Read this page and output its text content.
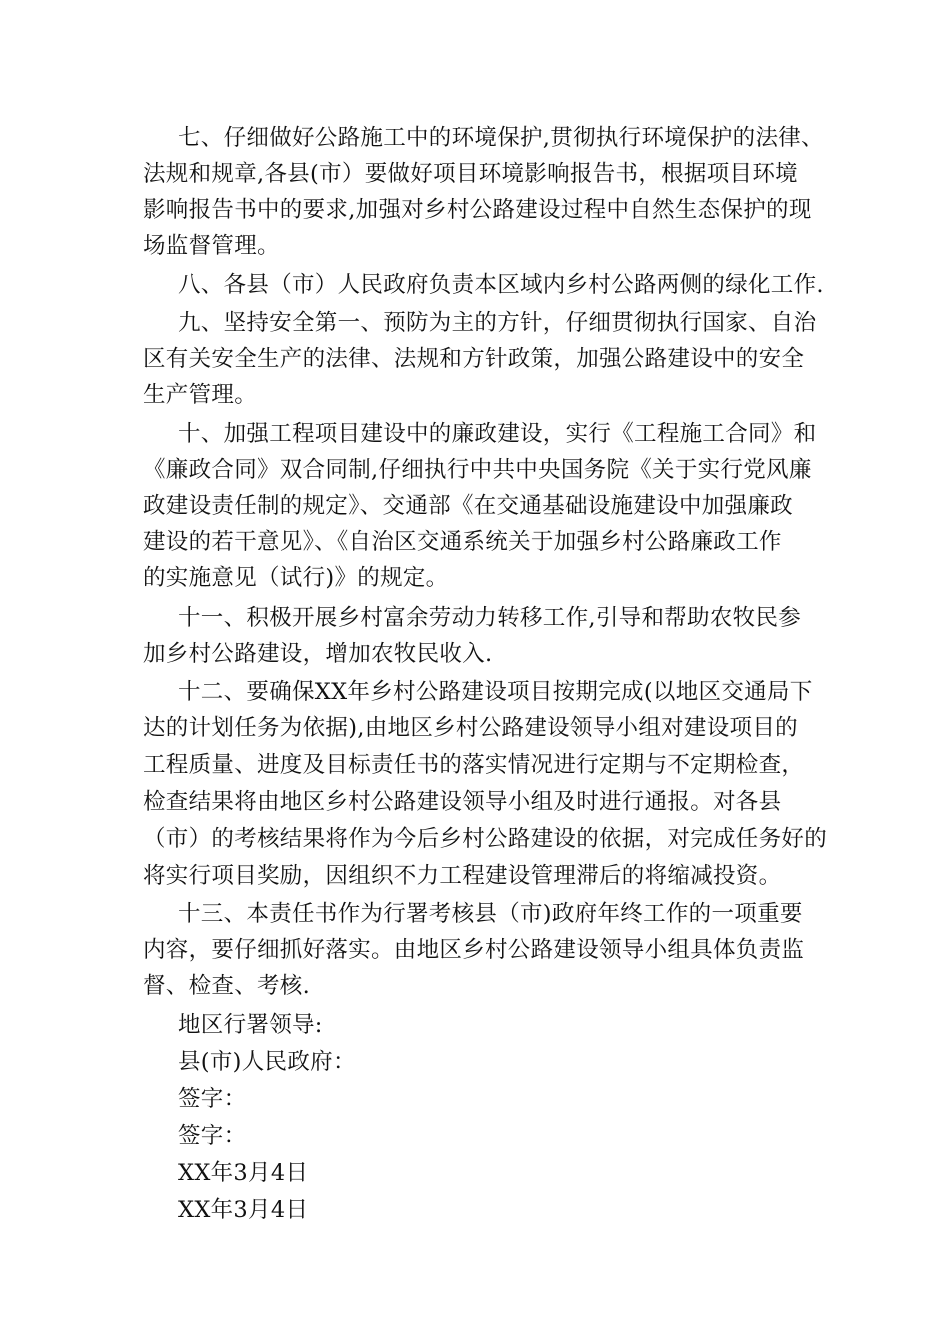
七、仔细做好公路施工中的环境保护,贯彻执行环境保护的法律、
法规和规章,各县(市）要做好项目环境影响报告书，根据项目环境
影响报告书中的要求,加强对乡村公路建设过程中自然生态保护的现
场监督管理。
八、各县（市）人民政府负责本区域内乡村公路两侧的绿化工作.
九、坚持安全第一、预防为主的方针，仔细贯彻执行国家、自治
区有关安全生产的法律、法规和方针政策，加强公路建设中的安全
生产管理。
十、加强工程项目建设中的廉政建设，实行《工程施工合同》和
《廉政合同》双合同制,仔细执行中共中央国务院《关于实行党风廉
政建设责任制的规定》、交通部《在交通基础设施建设中加强廉政
建设的若干意见》、《自治区交通系统关于加强乡村公路廉政工作
的实施意见（试行)》的规定。
十一、积极开展乡村富余劳动力转移工作,引导和帮助农牧民参
加乡村公路建设，增加农牧民收入.
十二、要确保XX年乡村公路建设项目按期完成(以地区交通局下
达的计划任务为依据),由地区乡村公路建设领导小组对建设项目的
工程质量、进度及目标责任书的落实情况进行定期与不定期检查，
检查结果将由地区乡村公路建设领导小组及时进行通报。对各县
（市）的考核结果将作为今后乡村公路建设的依据，对完成任务好的
将实行项目奖励，因组织不力工程建设管理滞后的将缩减投资。
十三、本责任书作为行署考核县（市)政府年终工作的一项重要
内容，要仔细抓好落实。由地区乡村公路建设领导小组具体负责监
督、检查、考核.
地区行署领导:
县(市)人民政府：
签字：
签字：
XX年3月4日
XX年3月4日
